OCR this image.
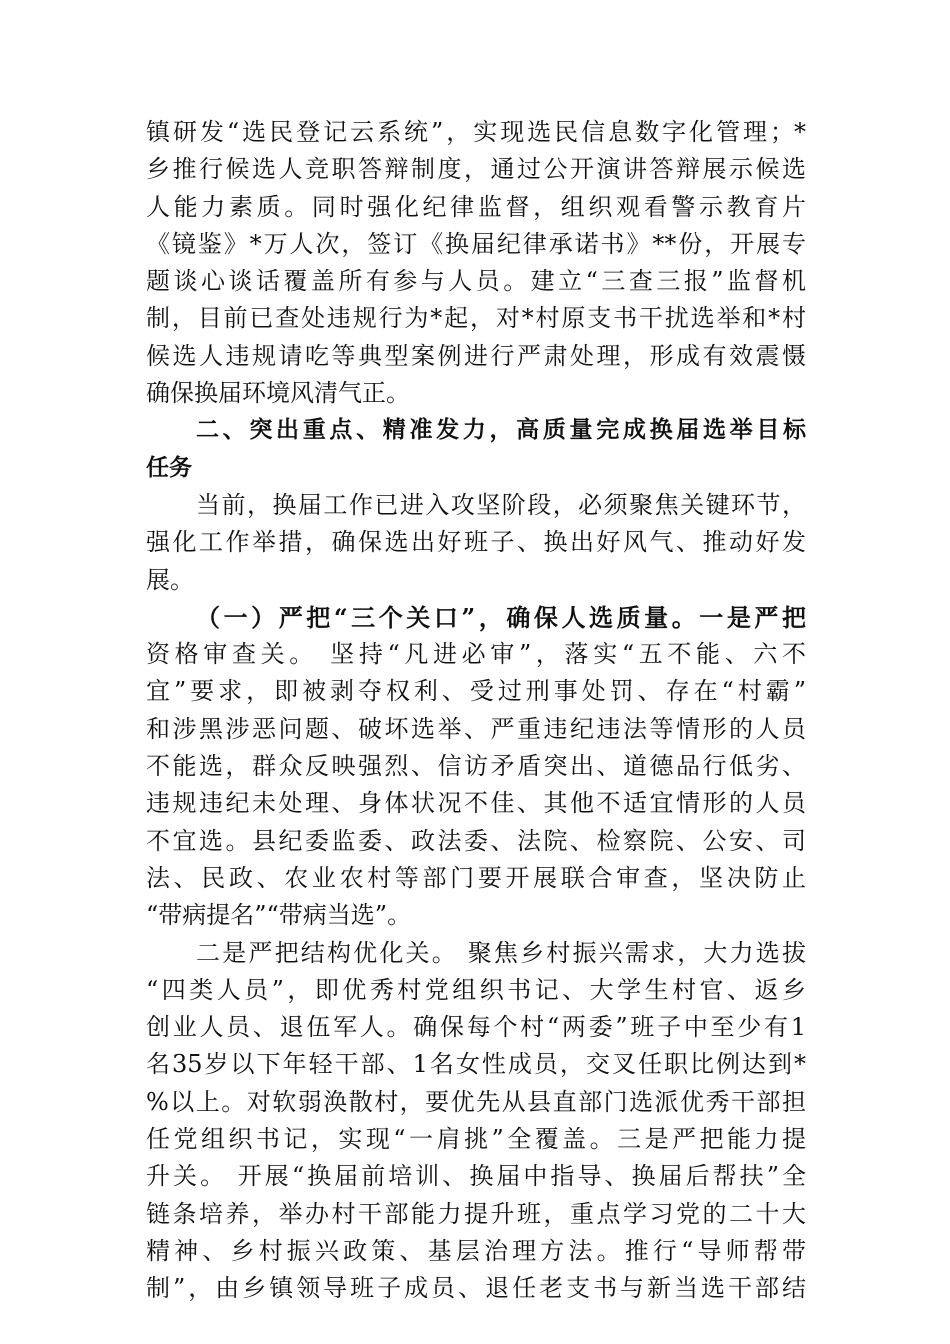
镇研发“选民登记云系统”，实现选民信息数字化管理；*
乡推行候选人竞职答辩制度，通过公开演讲答辩展示候选
人能力素质。同时强化纪律监督，组织观看警示教育片
《镜鉴》*万人次，签订《换届纪律承诺书》**份，开展专
题谈心谈话覆盖所有参与人员。建立“三查三报”监督机
制，目前已查处违规行为*起，对*村原支书干扰选举和*村
候选人违规请吃等典型案例进行严肃处理，形成有效震慑
确保换届环境风清气正。
二、突出重点、精准发力，高质量完成换届选举目标
任务
当前，换届工作已进入攻坚阶段，必须聚焦关键环节，
强化工作举措，确保选出好班子、换出好风气、推动好发
展。
（一）严把“三个关口”，确保人选质量。一是严把
资格审查关。 坚持“凡进必审”，落实“五不能、六不
宜”要求，即被剥夺权利、受过刑事处罚、存在“村霸”
和涉黑涉恶问题、破坏选举、严重违纪违法等情形的人员
不能选，群众反映强烈、信访矛盾突出、道德品行低劣、
违规违纪未处理、身体状况不佳、其他不适宜情形的人员
不宜选。县纪委监委、政法委、法院、检察院、公安、司
法、民政、农业农村等部门要开展联合审查，坚决防止
“带病提名”“带病当选”。
二是严把结构优化关。 聚焦乡村振兴需求，大力选拔
“四类人员”，即优秀村党组织书记、大学生村官、返乡
创业人员、退伍军人。确保每个村“两委”班子中至少有1
名35岁以下年轻干部、1名女性成员，交叉任职比例达到*
%以上。对软弱涣散村，要优先从县直部门选派优秀干部担
任党组织书记，实现“一肩挑”全覆盖。三是严把能力提
升关。 开展“换届前培训、换届中指导、换届后帮扶”全
链条培养，举办村干部能力提升班，重点学习党的二十大
精神、乡村振兴政策、基层治理方法。推行“导师帮带
制”，由乡镇领导班子成员、退任老支书与新当选干部结
